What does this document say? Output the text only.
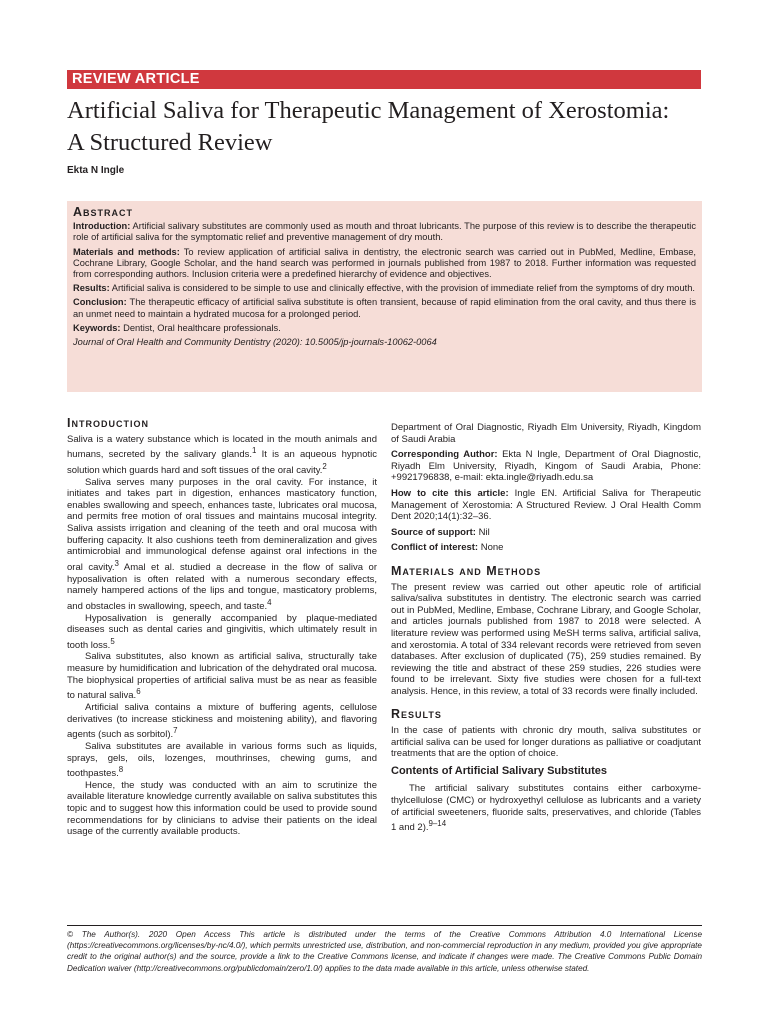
REVIEW ARTICLE
Artificial Saliva for Therapeutic Management of Xerostomia:
A Structured Review
Ekta N Ingle
Abstract

Introduction: Artificial salivary substitutes are commonly used as mouth and throat lubricants. The purpose of this review is to describe the therapeutic role of artificial saliva for the symptomatic relief and preventive management of dry mouth.

Materials and methods: To review application of artificial saliva in dentistry, the electronic search was carried out in PubMed, Medline, Embase, Cochrane Library, Google Scholar, and the hand search was performed in journals published from 1987 to 2018. Further information was requested from corresponding authors. Inclusion criteria were a predefined hierarchy of evidence and objectives.

Results: Artificial saliva is considered to be simple to use and clinically effective, with the provision of immediate relief from the symptoms of dry mouth.

Conclusion: The therapeutic efficacy of artificial saliva substitute is often transient, because of rapid elimination from the oral cavity, and thus there is an unmet need to maintain a hydrated mucosa for a prolonged period.

Keywords: Dentist, Oral healthcare professionals.

Journal of Oral Health and Community Dentistry (2020): 10.5005/jp-journals-10062-0064

Introduction

Saliva is a watery substance which is located in the mouth animals and humans, secreted by the salivary glands.$^1$ It is an aqueous hypnotic solution which guards hard and soft tissues of the oral cavity.$^2$

Saliva serves many purposes in the oral cavity. For instance, it initiates and takes part in digestion, enhances masticatory function, enables swallowing and speech, enhances taste, lubricates oral mucosa, and permits free motion of oral tissues and maintains mucosal integrity. Saliva assists irrigation and cleaning of the teeth and oral mucosa with buffering capacity. It also cushions teeth from demineralization and gives antimicrobial and immunological defense against oral infections in the oral cavity.$^3$ Amal et al. studied a decrease in the flow of saliva or hyposalivation is often related with a numerous secondary effects, namely hampered actions of the lips and tongue, masticatory problems, and obstacles in swallowing, speech, and taste.$^4$

Hyposalivation is generally accompanied by plaque-mediated diseases such as dental caries and gingivitis, which ultimately result in tooth loss.$^5$

Saliva substitutes, also known as artificial saliva, structurally take measure by humidification and lubrication of the dehydrated oral mucosa. The biophysical properties of artificial saliva must be as near as feasible to natural saliva.$^6$

Artificial saliva contains a mixture of buffering agents, cellulose derivatives (to increase stickiness and moistening ability), and flavoring agents (such as sorbitol).$^7$

Saliva substitutes are available in various forms such as liquids, sprays, gels, oils, lozenges, mouthrinses, chewing gums, and toothpastes.$^8$

Hence, the study was conducted with an aim to scrutinize the available literature knowledge currently available on saliva substitutes this topic and to suggest how this information could be used to provide sound recommendations for by clinicians to advise their patients on the ideal usage of the currently available products.

Department of Oral Diagnostic, Riyadh Elm University, Riyadh, Kingdom of Saudi Arabia

Corresponding Author: Ekta N Ingle, Department of Oral Diagnostic, Riyadh Elm University, Riyadh, Kingom of Saudi Arabia, Phone: +9921796838, e-mail: ekta.ingle@riyadh.edu.sa

How to cite this article: Ingle EN. Artificial Saliva for Therapeutic Management of Xerostomia: A Structured Review. J Oral Health Comm Dent 2020;14(1):32–36.

Source of support: Nil

Conflict of interest: None

Materials and Methods

The present review was carried out other apeutic role of artificial saliva/saliva substitutes in dentistry. The electronic search was carried out in PubMed, Medline, Embase, Cochrane Library, and Google Scholar, and articles journals published from 1987 to 2018 were selected. A literature review was performed using MeSH terms saliva, artificial saliva, and xerostomia. A total of 334 relevant records were retrieved from seven databases. After exclusion of duplicated (75), 259 studies remained. By reviewing the title and abstract of these 259 studies, 226 studies were found to be irrelevant. Sixty five studies were chosen for a full-text analysis. Hence, in this review, a total of 33 records were finally included.

Results

In the case of patients with chronic dry mouth, saliva substitutes or artificial saliva can be used for longer durations as palliative or coadjutant treatments that are the option of choice.

Contents of Artificial Salivary Substitutes

The artificial salivary substitutes contains either carboxyme-thylcellulose (CMC) or hydroxyethyl cellulose as lubricants and a variety of artificial sweeteners, fluoride salts, preservatives, and chloride (Tables 1 and 2).$^{9-14}$

© The Author(s). 2020 Open Access This article is distributed under the terms of the Creative Commons Attribution 4.0 International License (https://creativecommons.org/licenses/by-nc/4.0/), which permits unrestricted use, distribution, and non-commercial reproduction in any medium, provided you give appropriate credit to the original author(s) and the source, provide a link to the Creative Commons license, and indicate if changes were made. The Creative Commons Public Domain Dedication waiver (http://creativecommons.org/publicdomain/zero/1.0/) applies to the data made available in this article, unless otherwise stated.
